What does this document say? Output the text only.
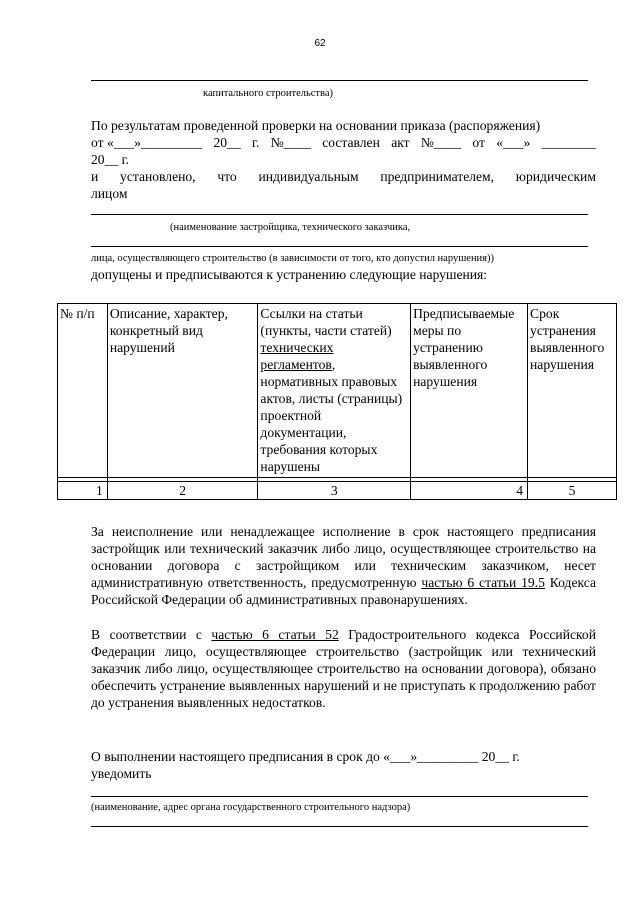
62
капитального строительства)
По результатам проведенной проверки на основании приказа (распоряжения)
от «___»_________ 20__ г. №____ составлен акт №____ от «___» ________
20__ г.
и установлено, что индивидуальным предпринимателем, юридическим
лицом
(наименование застройщика, технического заказчика,
лица, осуществляющего строительство (в зависимости от того, кто допустил нарушения))
допущены и предписываются к устранению следующие нарушения:
№ п/п	Описание, характер, конкретный вид нарушений	Ссылки на статьи (пункты, части статей) технических регламентов, нормативных правовых актов, листы (страницы) проектной документации, требования которых нарушены	Предписываемые меры по устранению выявленного нарушения	Срок устранения выявленного нарушения

1	2	3	4	5
За неисполнение или ненадлежащее исполнение в срок настоящего предписания застройщик или технический заказчик либо лицо, осуществляющее строительство на основании договора с застройщиком или техническим заказчиком, несет административную ответственность, предусмотренную частью 6 статьи 19.5 Кодекса Российской Федерации об административных правонарушениях.
В соответствии с частью 6 статьи 52 Градостроительного кодекса Российской Федерации лицо, осуществляющее строительство (застройщик или технический заказчик либо лицо, осуществляющее строительство на основании договора), обязано обеспечить устранение выявленных нарушений и не приступать к продолжению работ до устранения выявленных недостатков.
О выполнении настоящего предписания в срок до «___»_________ 20__ г.
уведомить
(наименование, адрес органа государственного строительного надзора)
